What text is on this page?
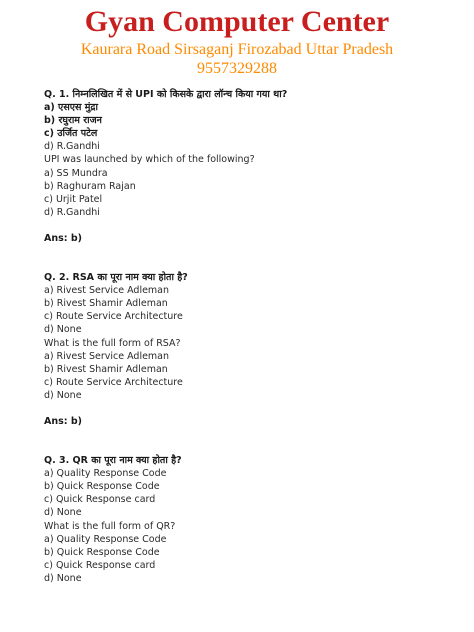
Gyan Computer Center
Kaurara Road Sirsaganj Firozabad Uttar Pradesh
9557329288

Q. 1. निम्नलिखित में से UPI को किसके द्वारा लॉन्च किया गया था?

a) एसएस मुंद्रा

b) रघुराम राजन

c) उर्जित पटेल

d) R.Gandhi

UPI was launched by which of the following?

a) SS Mundra

b) Raghuram Rajan

c) Urjit Patel

d) R.Gandhi

Ans: b)

Q. 2. RSA का पूरा नाम क्या होता है?

a) Rivest Service Adleman

b) Rivest Shamir Adleman

c) Route Service Architecture

d) None

What is the full form of RSA?

a) Rivest Service Adleman

b) Rivest Shamir Adleman

c) Route Service Architecture

d) None

Ans: b)

Q. 3. QR का पूरा नाम क्या होता है?

a) Quality Response Code

b) Quick Response Code

c) Quick Response card

d) None

What is the full form of QR?

a) Quality Response Code

b) Quick Response Code

c) Quick Response card

d) None
